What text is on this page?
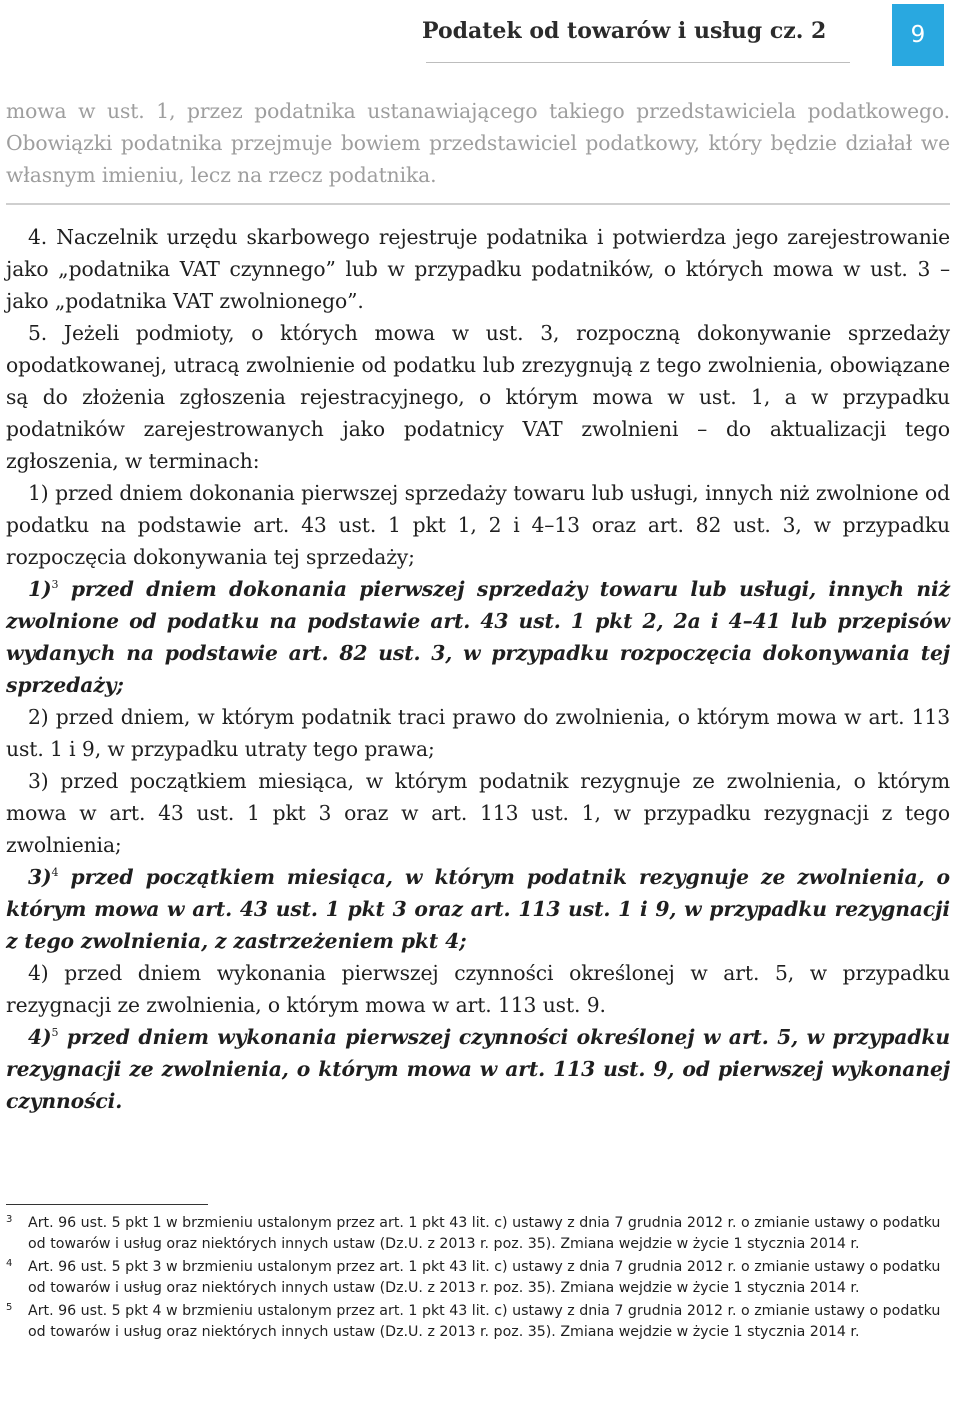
Podatek od towarów i usług cz. 2	9

mowa w ust. 1, przez podatnika ustanawiającego takiego przedstawiciela podatkowego. Obowiązki podatnika przejmuje bowiem przedstawiciel podatkowy, który będzie działał we własnym imieniu, lecz na rzecz podatnika.

4. Naczelnik urzędu skarbowego rejestruje podatnika i potwierdza jego zarejestrowanie jako „podatnika VAT czynnego” lub w przypadku podatników, o których mowa w ust. 3 – jako „podatnika VAT zwolnionego”.

5. Jeżeli podmioty, o których mowa w ust. 3, rozpoczną dokonywanie sprzedaży opodatkowanej, utracą zwolnienie od podatku lub zrezygnują z tego zwolnienia, obowiązane są do złożenia zgłoszenia rejestracyjnego, o którym mowa w ust. 1, a w przypadku podatników zarejestrowanych jako podatnicy VAT zwolnieni – do aktualizacji tego zgłoszenia, w terminach:

1) przed dniem dokonania pierwszej sprzedaży towaru lub usługi, innych niż zwolnione od podatku na podstawie art. 43 ust. 1 pkt 1, 2 i 4–13 oraz art. 82 ust. 3, w przypadku rozpoczęcia dokonywania tej sprzedaży;

1)$^3$ przed dniem dokonania pierwszej sprzedaży towaru lub usługi, innych niż zwolnione od podatku na podstawie art. 43 ust. 1 pkt 2, 2a i 4–41 lub przepisów wydanych na podstawie art. 82 ust. 3, w przypadku rozpoczęcia dokonywania tej sprzedaży;

2) przed dniem, w którym podatnik traci prawo do zwolnienia, o którym mowa w art. 113 ust. 1 i 9, w przypadku utraty tego prawa;

3) przed początkiem miesiąca, w którym podatnik rezygnuje ze zwolnienia, o którym mowa w art. 43 ust. 1 pkt 3 oraz w art. 113 ust. 1, w przypadku rezygnacji z tego zwolnienia;

3)$^4$ przed początkiem miesiąca, w którym podatnik rezygnuje ze zwolnienia, o którym mowa w art. 43 ust. 1 pkt 3 oraz art. 113 ust. 1 i 9, w przypadku rezygnacji z tego zwolnienia, z zastrzeżeniem pkt 4;

4) przed dniem wykonania pierwszej czynności określonej w art. 5, w przypadku rezygnacji ze zwolnienia, o którym mowa w art. 113 ust. 9.

4)$^5$ przed dniem wykonania pierwszej czynności określonej w art. 5, w przypadku rezygnacji ze zwolnienia, o którym mowa w art. 113 ust. 9, od pierwszej wykonanej czynności.

3 Art. 96 ust. 5 pkt 1 w brzmieniu ustalonym przez art. 1 pkt 43 lit. c) ustawy z dnia 7 grudnia 2012 r. o zmianie ustawy o podatku od towarów i usług oraz niektórych innych ustaw (Dz.U. z 2013 r. poz. 35). Zmiana wejdzie w życie 1 stycznia 2014 r.
4 Art. 96 ust. 5 pkt 3 w brzmieniu ustalonym przez art. 1 pkt 43 lit. c) ustawy z dnia 7 grudnia 2012 r. o zmianie ustawy o podatku od towarów i usług oraz niektórych innych ustaw (Dz.U. z 2013 r. poz. 35). Zmiana wejdzie w życie 1 stycznia 2014 r.
5 Art. 96 ust. 5 pkt 4 w brzmieniu ustalonym przez art. 1 pkt 43 lit. c) ustawy z dnia 7 grudnia 2012 r. o zmianie ustawy o podatku od towarów i usług oraz niektórych innych ustaw (Dz.U. z 2013 r. poz. 35). Zmiana wejdzie w życie 1 stycznia 2014 r.
